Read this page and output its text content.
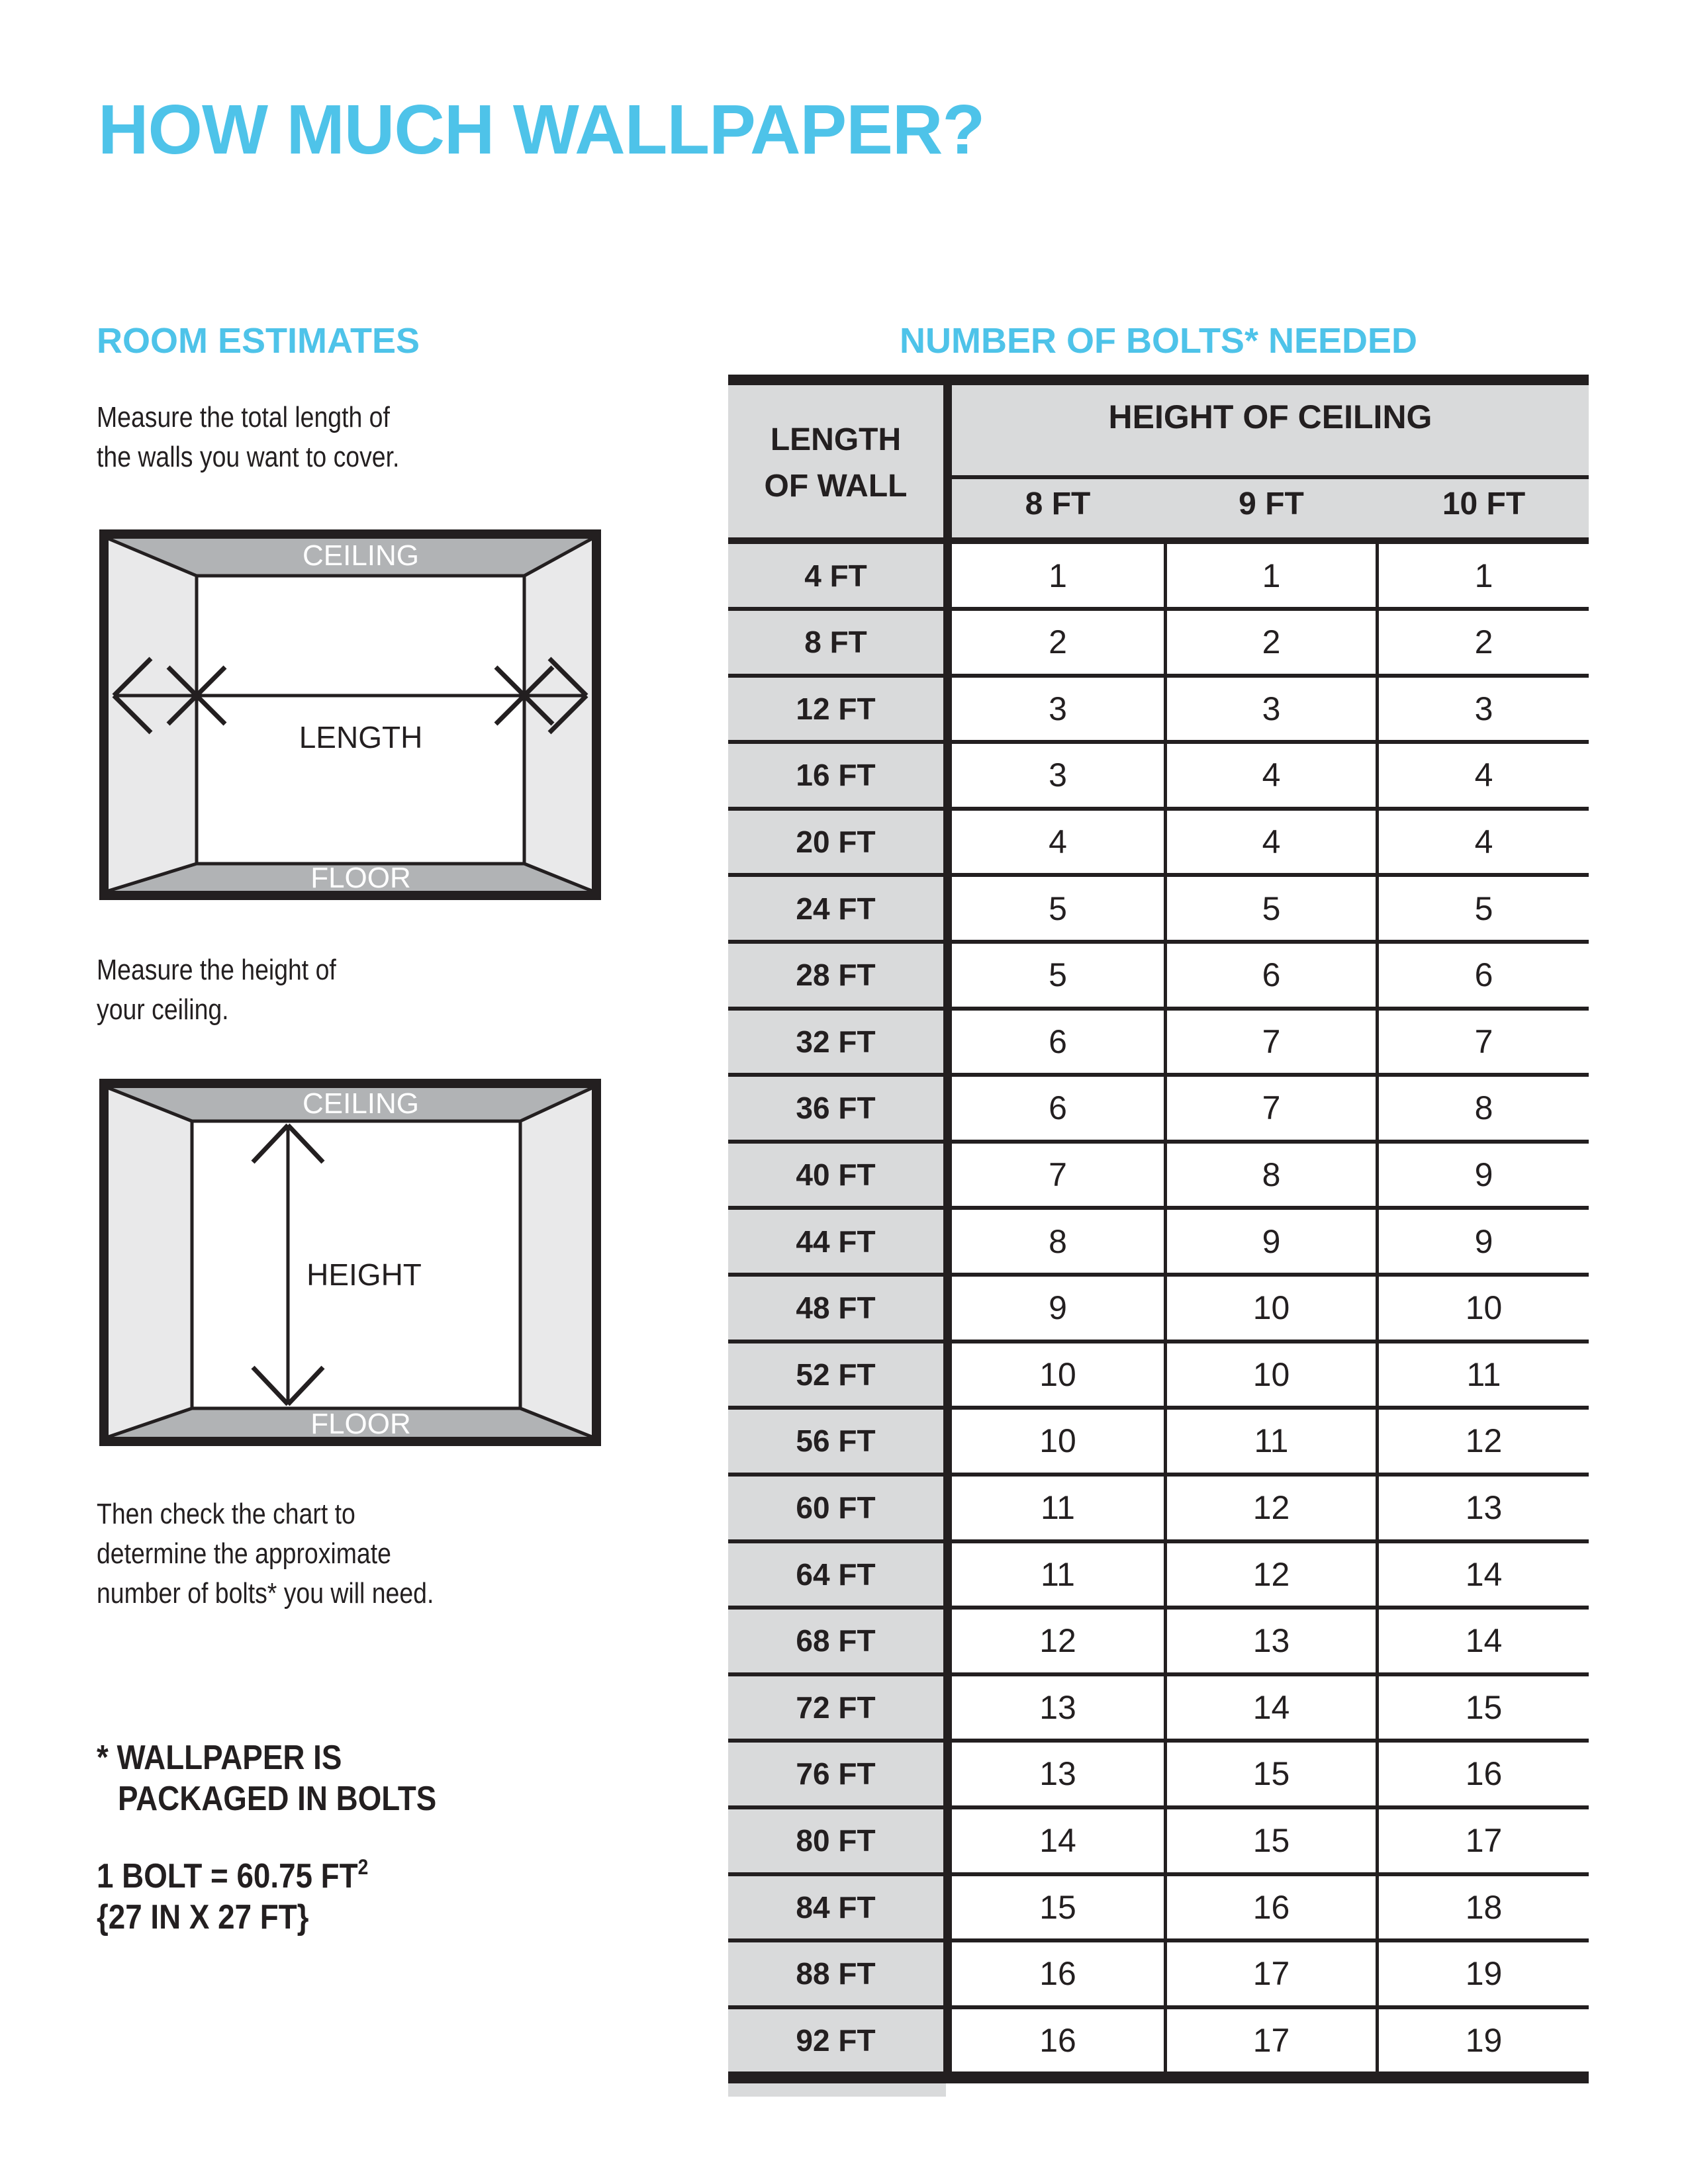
HOW MUCH WALLPAPER?
ROOM ESTIMATES	NUMBER OF BOLTS* NEEDED
Measure the total length of
the walls you want to cover.
CEILING
FLOOR
LENGTH
Measure the height of
your ceiling.
CEILING
FLOOR
HEIGHT
Then check the chart to
determine the approximate
number of bolts* you will need.
* WALLPAPER IS
PACKAGED IN BOLTS
1 BOLT = 60.75 $FT^2$
{27 IN X 27 FT}
HEIGHT OF CEILING
LENGTH
OF WALL
8 FT	9 FT	10 FT
4 FT	1	1	1
8 FT	2	2	2
12 FT	3	3	3
16 FT	3	4	4
20 FT	4	4	4
24 FT	5	5	5
28 FT	5	6	6
32 FT	6	7	7
36 FT	6	7	8
40 FT	7	8	9
44 FT	8	9	9
48 FT	9	10	10
52 FT	10	10	11
56 FT	10	11	12
60 FT	11	12	13
64 FT	11	12	14
68 FT	12	13	14
72 FT	13	14	15
76 FT	13	15	16
80 FT	14	15	17
84 FT	15	16	18
88 FT	16	17	19
92 FT	16	17	19
